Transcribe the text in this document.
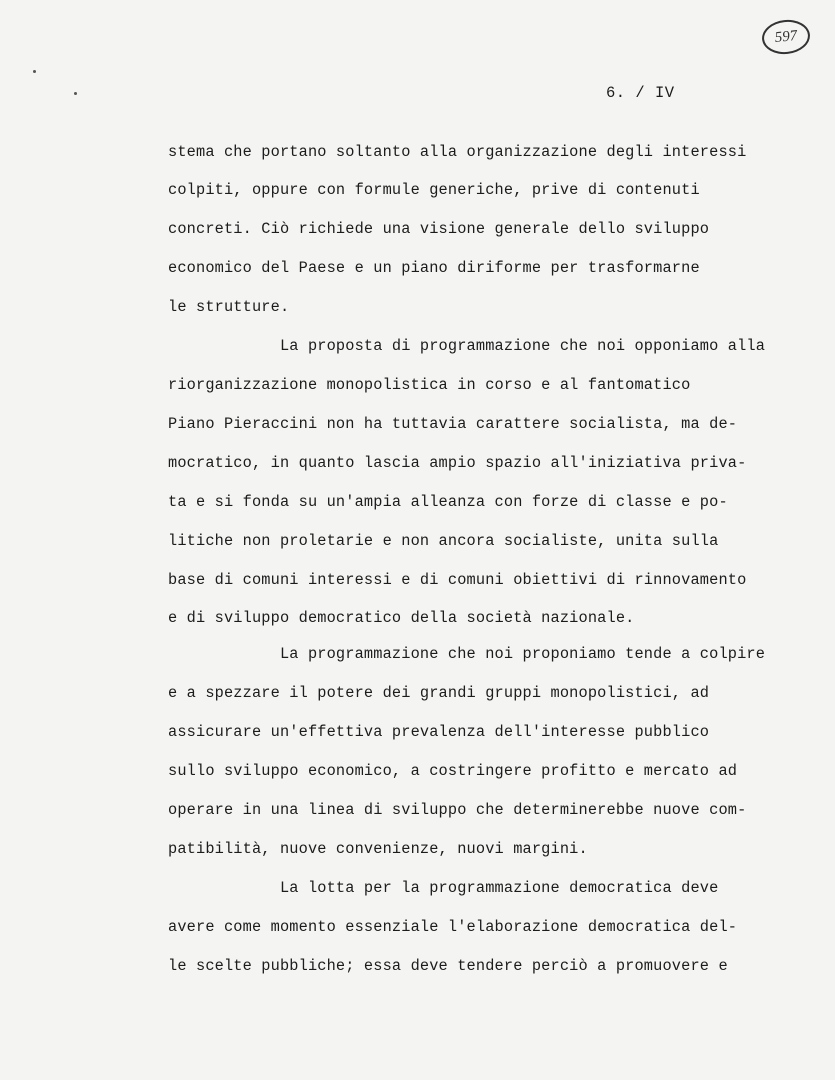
597
6. / IV
stema che portano soltanto alla organizzazione degli interessi
colpiti, oppure con formule generiche, prive di contenuti
concreti. Ciò richiede una visione generale dello sviluppo
economico del Paese e un piano diriforme per trasformarne
le strutture.
La proposta di programmazione che noi opponiamo alla
riorganizzazione monopolistica in corso e al fantomatico
Piano Pieraccini non ha tuttavia carattere socialista, ma de-
mocratico, in quanto lascia ampio spazio all'iniziativa priva-
ta e si fonda su un'ampia alleanza con forze di classe e po-
litiche non proletarie e non ancora socialiste, unita sulla
base di comuni interessi e di comuni obiettivi di rinnovamento
e di sviluppo democratico della società nazionale.
La programmazione che noi proponiamo tende a colpire
e a spezzare il potere dei grandi gruppi monopolistici, ad
assicurare un'effettiva prevalenza dell'interesse pubblico
sullo sviluppo economico, a costringere profitto e mercato ad
operare in una linea di sviluppo che determinerebbe nuove com-
patibilità, nuove convenienze, nuovi margini.
La lotta per la programmazione democratica deve
avere come momento essenziale l'elaborazione democratica del-
le scelte pubbliche; essa deve tendere perciò a promuovere e
